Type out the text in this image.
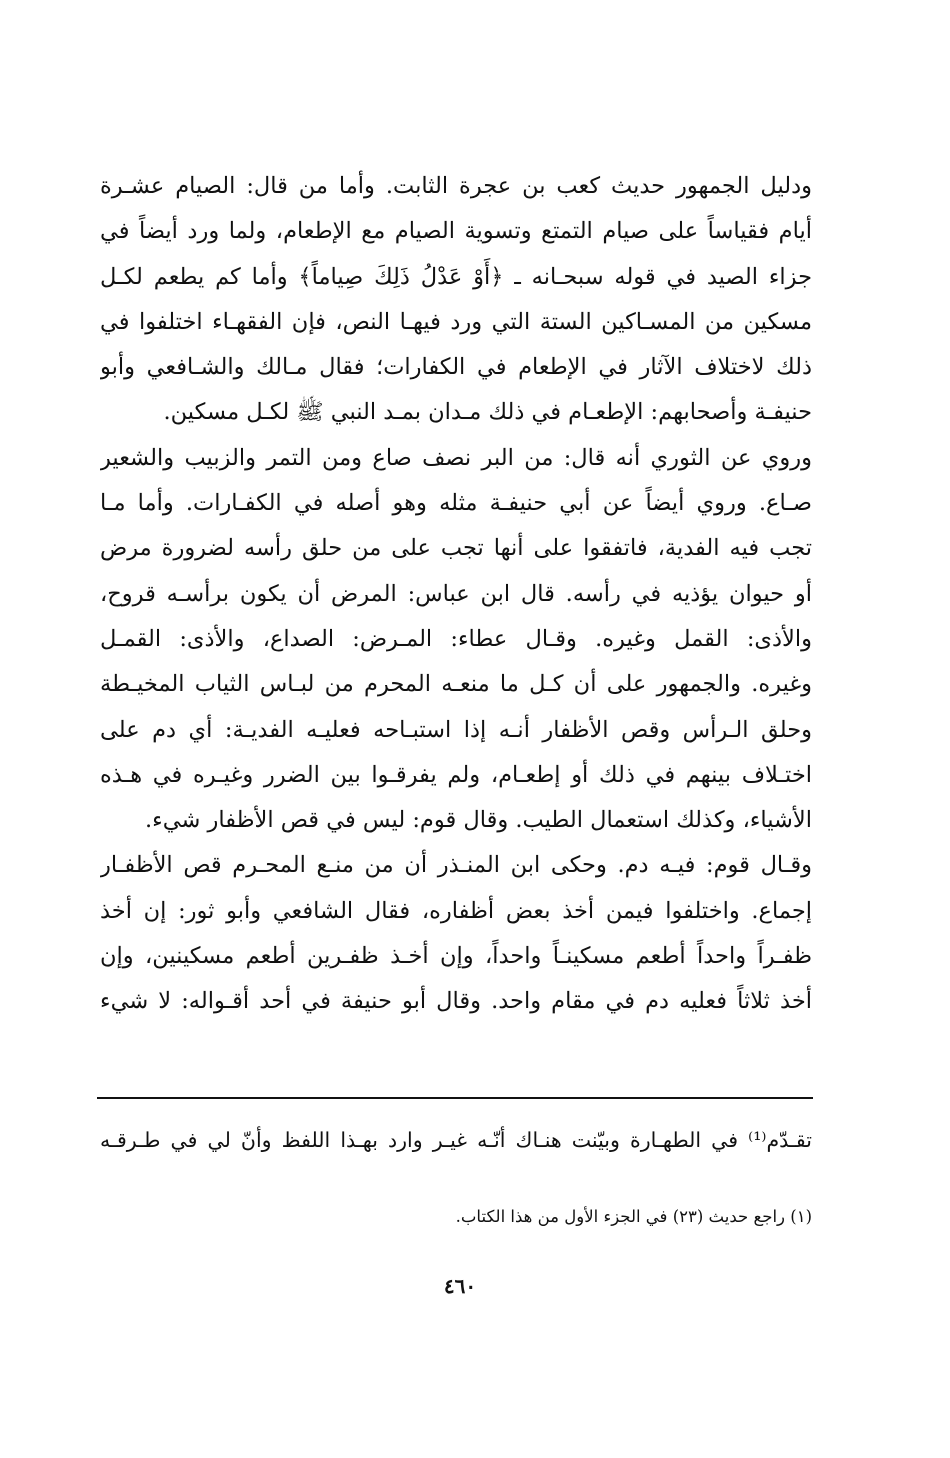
ودليل الجمهور حديث كعب بن عجرة الثابت. وأما من قال: الصيام عشـرة
أيام فقياساً على صيام التمتع وتسوية الصيام مع الإطعام، ولما ورد أيضاً في
جزاء الصيد في قوله سبحـانه ـ ﴿أَوْ عَدْلُ ذَلِكَ صِياماً﴾ وأما كم يطعم لكـل
مسكين من المسـاكين الستة التي ورد فيهـا النص، فإن الفقهـاء اختلفوا في
ذلك لاختلاف الآثار في الإطعام في الكفارات؛ فقال مـالك والشـافعي وأبو
حنيفـة وأصحابهم: الإطعـام في ذلك مـدان بمـد النبي ﷺ لكـل مسكين.
وروي عن الثوري أنه قال: من البر نصف صاع ومن التمر والزبيب والشعير
صـاع. وروي أيضاً عن أبي حنيفـة مثله وهو أصله في الكفـارات. وأما مـا
تجب فيه الفدية، فاتفقوا على أنها تجب على من حلق رأسه لضرورة مرض
أو حيوان يؤذيه في رأسه. قال ابن عباس: المرض أن يكون برأسـه قروح،
والأذى: القمل وغيره. وقـال عطاء: المـرض: الصداع، والأذى: القمـل
وغيره. والجمهور على أن كـل ما منعـه المحرم من لبـاس الثياب المخيـطة
وحلق الـرأس وقص الأظفار أنـه إذا استبـاحه فعليـه الفديـة: أي دم على
اختـلاف بينهم في ذلك أو إطعـام، ولم يفرقـوا بين الضرر وغيـره في هـذه
الأشياء، وكذلك استعمال الطيب. وقال قوم: ليس في قص الأظفار شيء.
وقـال قوم: فيـه دم. وحكى ابن المنـذر أن من منـع المحـرم قص الأظفـار
إجماع. واختلفوا فيمن أخذ بعض أظفاره، فقال الشافعي وأبو ثور: إن أخذ
ظفـراً واحداً أطعم مسكينـاً واحداً، وإن أخـذ ظفـرين أطعم مسكينين، وإن
أخذ ثلاثاً فعليه دم في مقام واحد. وقال أبو حنيفة في أحد أقـواله: لا شيء
تقـدّم⁽¹⁾ في الطهـارة وبيّنت هنـاك أنّـه غيـر وارد بهـذا اللفظ وأنّ لي في طـرقـه
(١) راجع حديث (٢٣) في الجزء الأول من هذا الكتاب.
٤٦٠
